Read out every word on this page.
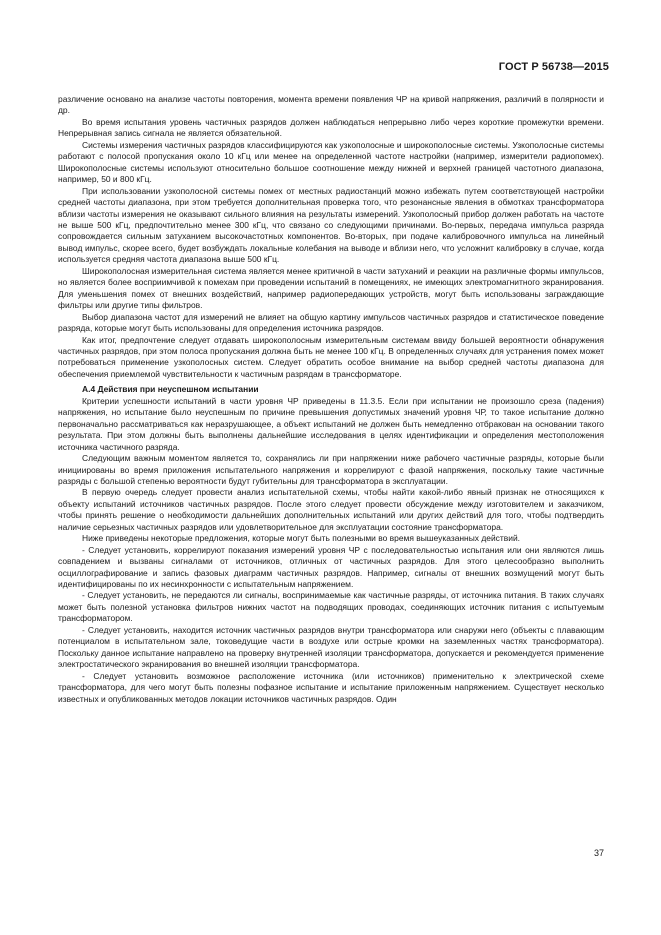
ГОСТ Р 56738—2015

различение основано на анализе частоты повторения, момента времени появления ЧР на кривой напряжения, различий в полярности и др.

Во время испытания уровень частичных разрядов должен наблюдаться непрерывно либо через короткие промежутки времени. Непрерывная запись сигнала не является обязательной.

Системы измерения частичных разрядов классифицируются как узкополосные и широкополосные системы. Узкополосные системы работают с полосой пропускания около 10 кГц или менее на определенной частоте настройки (например, измерители радиопомех). Широкополосные системы используют относительно большое соотношение между нижней и верхней границей частотного диапазона, например, 50 и 800 кГц.

При использовании узкополосной системы помех от местных радиостанций можно избежать путем соответствующей настройки средней частоты диапазона, при этом требуется дополнительная проверка того, что резонансные явления в обмотках трансформатора вблизи частоты измерения не оказывают сильного влияния на результаты измерений. Узкополосный прибор должен работать на частоте не выше 500 кГц, предпочтительно менее 300 кГц, что связано со следующими причинами. Во-первых, передача импульса разряда сопровождается сильным затуханием высокочастотных компонентов. Во-вторых, при подаче калибровочного импульса на линейный вывод импульс, скорее всего, будет возбуждать локальные колебания на выводе и вблизи него, что усложнит калибровку в случае, когда используется средняя частота диапазона выше 500 кГц.

Широкополосная измерительная система является менее критичной в части затуханий и реакции на различные формы импульсов, но является более восприимчивой к помехам при проведении испытаний в помещениях, не имеющих электромагнитного экранирования. Для уменьшения помех от внешних воздействий, например радиопередающих устройств, могут быть использованы заграждающие фильтры или другие типы фильтров.

Выбор диапазона частот для измерений не влияет на общую картину импульсов частичных разрядов и статистическое поведение разряда, которые могут быть использованы для определения источника разрядов.

Как итог, предпочтение следует отдавать широкополосным измерительным системам ввиду большей вероятности обнаружения частичных разрядов, при этом полоса пропускания должна быть не менее 100 кГц. В определенных случаях для устранения помех может потребоваться применение узкополосных систем. Следует обратить особое внимание на выбор средней частоты диапазона для обеспечения приемлемой чувствительности к частичным разрядам в трансформаторе.

А.4 Действия при неуспешном испытании

Критерии успешности испытаний в части уровня ЧР приведены в 11.3.5. Если при испытании не произошло среза (падения) напряжения, но испытание было неуспешным по причине превышения допустимых значений уровня ЧР, то такое испытание должно первоначально рассматриваться как неразрушающее, а объект испытаний не должен быть немедленно отбракован на основании такого результата. При этом должны быть выполнены дальнейшие исследования в целях идентификации и определения местоположения источника частичного разряда.

Следующим важным моментом является то, сохранялись ли при напряжении ниже рабочего частичные разряды, которые были инициированы во время приложения испытательного напряжения и коррелируют с фазой напряжения, поскольку такие частичные разряды с большой степенью вероятности будут губительны для трансформатора в эксплуатации.

В первую очередь следует провести анализ испытательной схемы, чтобы найти какой-либо явный признак не относящихся к объекту испытаний источников частичных разрядов. После этого следует провести обсуждение между изготовителем и заказчиком, чтобы принять решение о необходимости дальнейших дополнительных испытаний или других действий для того, чтобы подтвердить наличие серьезных частичных разрядов или удовлетворительное для эксплуатации состояние трансформатора.

Ниже приведены некоторые предложения, которые могут быть полезными во время вышеуказанных действий.

- Следует установить, коррелируют показания измерений уровня ЧР с последовательностью испытания или они являются лишь совпадением и вызваны сигналами от источников, отличных от частичных разрядов. Для этого целесообразно выполнить осциллографирование и запись фазовых диаграмм частичных разрядов. Например, сигналы от внешних возмущений могут быть идентифицированы по их несинхронности с испытательным напряжением.

- Следует установить, не передаются ли сигналы, воспринимаемые как частичные разряды, от источника питания. В таких случаях может быть полезной установка фильтров нижних частот на подводящих проводах, соединяющих источник питания с испытуемым трансформатором.

- Следует установить, находится источник частичных разрядов внутри трансформатора или снаружи него (объекты с плавающим потенциалом в испытательном зале, токоведущие части в воздухе или острые кромки на заземленных частях трансформатора). Поскольку данное испытание направлено на проверку внутренней изоляции трансформатора, допускается и рекомендуется применение электростатического экранирования во внешней изоляции трансформатора.

- Следует установить возможное расположение источника (или источников) применительно к электрической схеме трансформатора, для чего могут быть полезны пофазное испытание и испытание приложенным напряжением. Существует несколько известных и опубликованных методов локации источников частичных разрядов. Один

37
